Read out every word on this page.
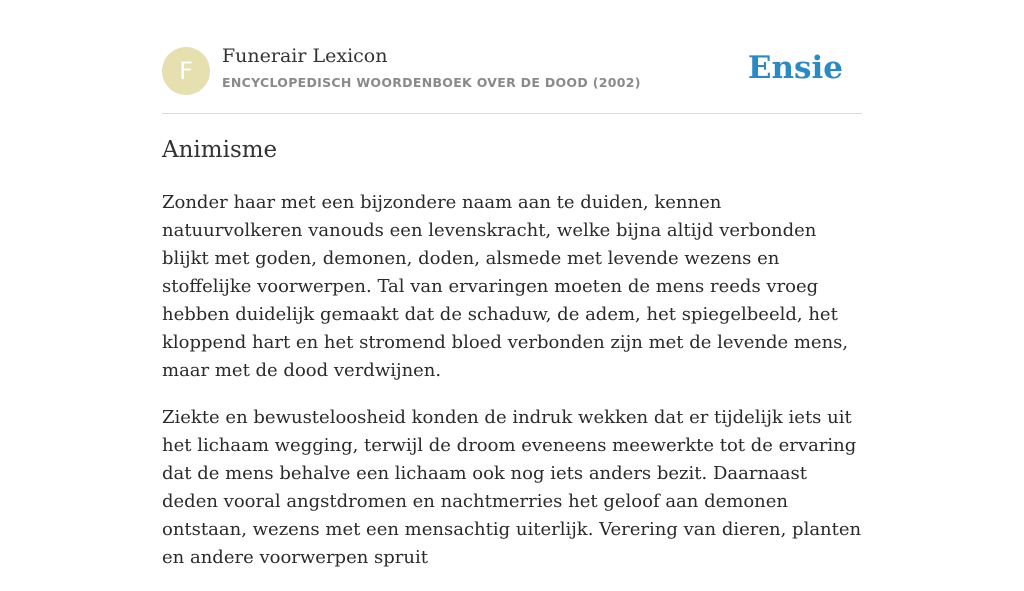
F
Funerair Lexicon
ENCYCLOPEDISCH WOORDENBOEK OVER DE DOOD (2002)	Ensie
Animisme

Zonder haar met een bijzondere naam aan te duiden, kennen natuurvolkeren vanouds een levenskracht, welke bijna altijd verbonden blijkt met goden, demonen, doden, alsmede met levende wezens en stoffelijke voorwerpen. Tal van ervaringen moeten de mens reeds vroeg hebben duidelijk gemaakt dat de schaduw, de adem, het spiegelbeeld, het kloppend hart en het stromend bloed verbonden zijn met de levende mens, maar met de dood verdwijnen.

Ziekte en bewusteloosheid konden de indruk wekken dat er tijdelijk iets uit het lichaam wegging, terwijl de droom eveneens meewerkte tot de ervaring dat de mens behalve een lichaam ook nog iets anders bezit. Daarnaast deden vooral angstdromen en nachtmerries het geloof aan demonen ontstaan, wezens met een mensachtig uiterlijk. Verering van dieren, planten en andere voorwerpen spruit
